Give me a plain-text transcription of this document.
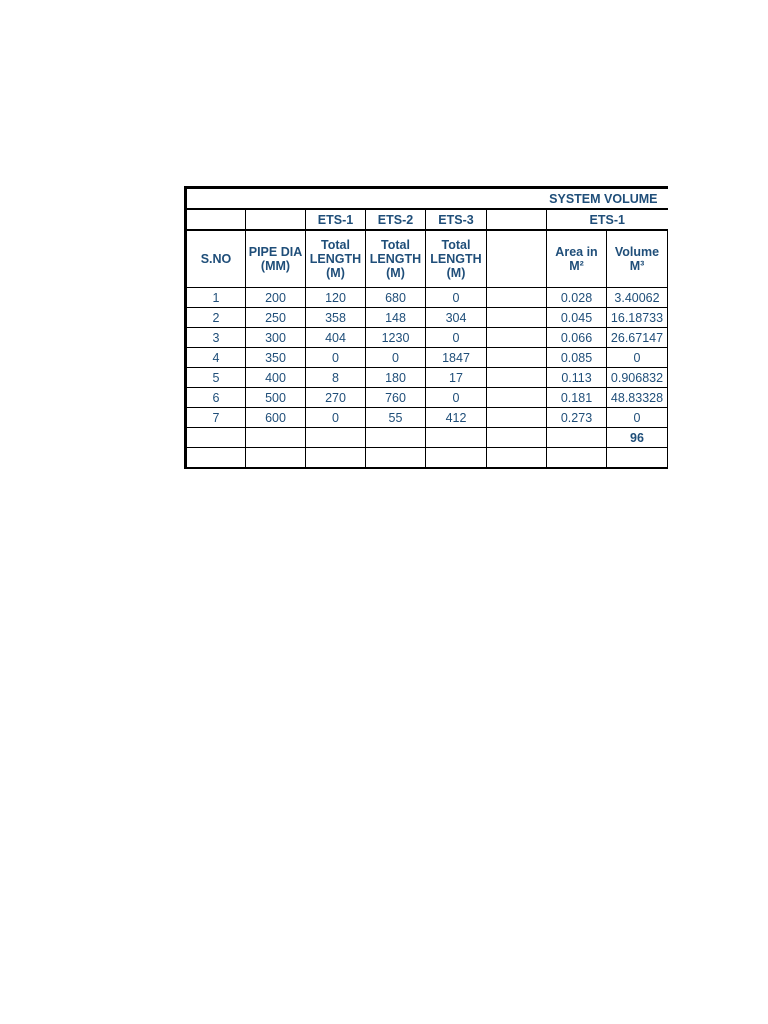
SYSTEM VOLUME							
		ETS-1	ETS-2	ETS-3		ETS-1	
S.NO	PIPE DIA (MM)	Total LENGTH (M)	Total LENGTH (M)	Total LENGTH (M)		Area in M²	Volume M³
1	200	120	680	0		0.028	3.40062
2	250	358	148	304		0.045	16.18733
3	300	404	1230	0		0.066	26.67147
4	350	0	0	1847		0.085	0
5	400	8	180	17		0.113	0.906832
6	500	270	760	0		0.181	48.83328
7	600	0	55	412		0.273	0
							96
